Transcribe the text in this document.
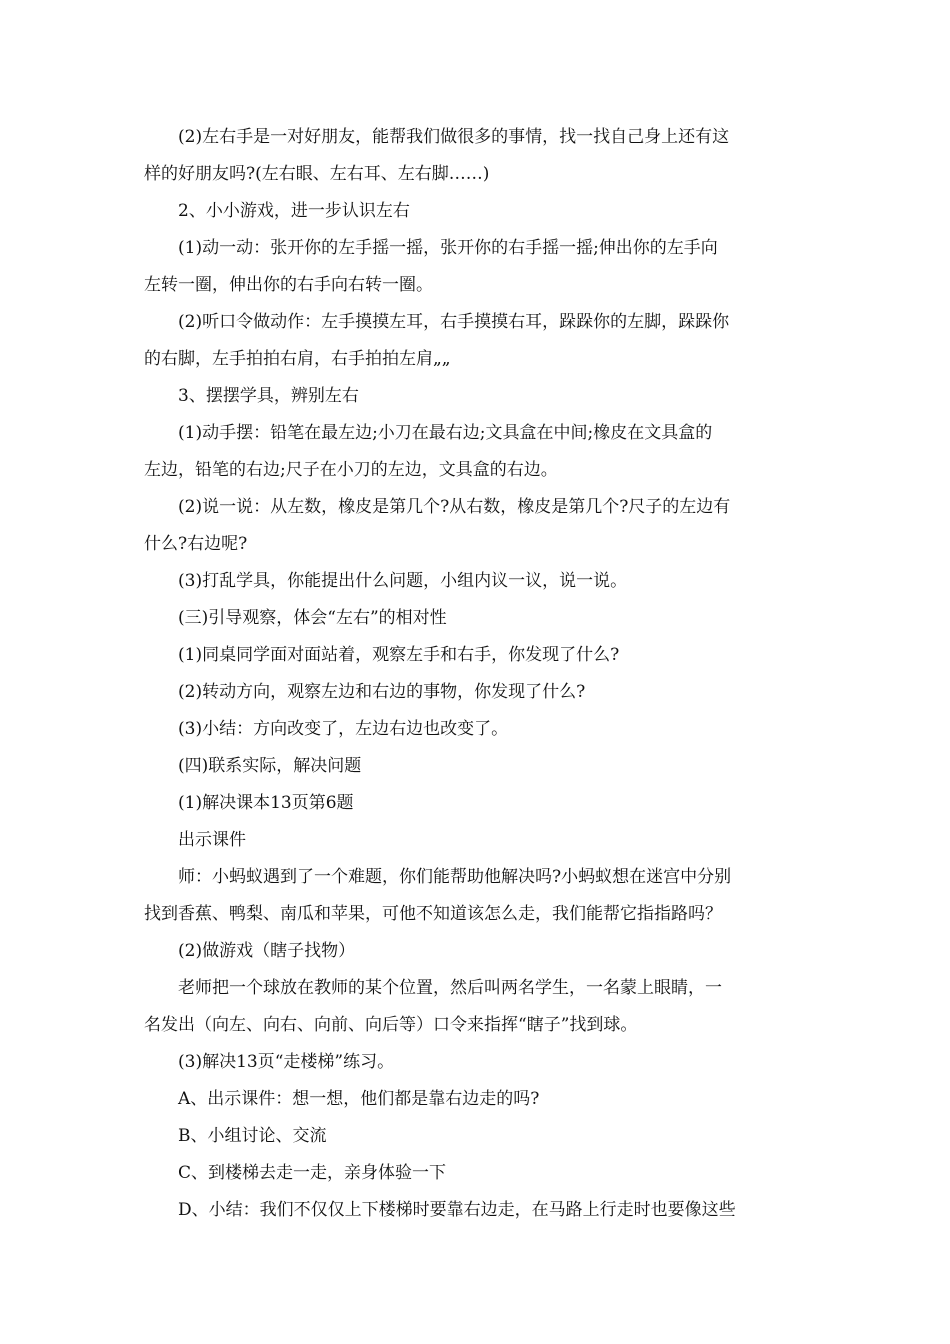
(2)左右手是一对好朋友，能帮我们做很多的事情，找一找自己身上还有这
样的好朋友吗?(左右眼、左右耳、左右脚……)
2、小小游戏，进一步认识左右
(1)动一动：张开你的左手摇一摇，张开你的右手摇一摇;伸出你的左手向
左转一圈，伸出你的右手向右转一圈。
(2)听口令做动作：左手摸摸左耳，右手摸摸右耳，跺跺你的左脚，跺跺你
的右脚，左手拍拍右肩，右手拍拍左肩„„
3、摆摆学具，辨别左右
(1)动手摆：铅笔在最左边;小刀在最右边;文具盒在中间;橡皮在文具盒的
左边，铅笔的右边;尺子在小刀的左边，文具盒的右边。
(2)说一说：从左数，橡皮是第几个?从右数，橡皮是第几个?尺子的左边有
什么?右边呢?
(3)打乱学具，你能提出什么问题，小组内议一议，说一说。
(三)引导观察，体会“左右”的相对性
(1)同桌同学面对面站着，观察左手和右手，你发现了什么?
(2)转动方向，观察左边和右边的事物，你发现了什么?
(3)小结：方向改变了，左边右边也改变了。
(四)联系实际，解决问题
(1)解决课本13页第6题
出示课件
师：小蚂蚁遇到了一个难题，你们能帮助他解决吗?小蚂蚁想在迷宫中分别
找到香蕉、鸭梨、南瓜和苹果，可他不知道该怎么走，我们能帮它指指路吗？
(2)做游戏（瞎子找物）
老师把一个球放在教师的某个位置，然后叫两名学生，一名蒙上眼睛，一
名发出（向左、向右、向前、向后等）口令来指挥“瞎子”找到球。
(3)解决13页“走楼梯”练习。
A、出示课件：想一想，他们都是靠右边走的吗?
B、小组讨论、交流
C、到楼梯去走一走，亲身体验一下
D、小结：我们不仅仅上下楼梯时要靠右边走，在马路上行走时也要像这些
